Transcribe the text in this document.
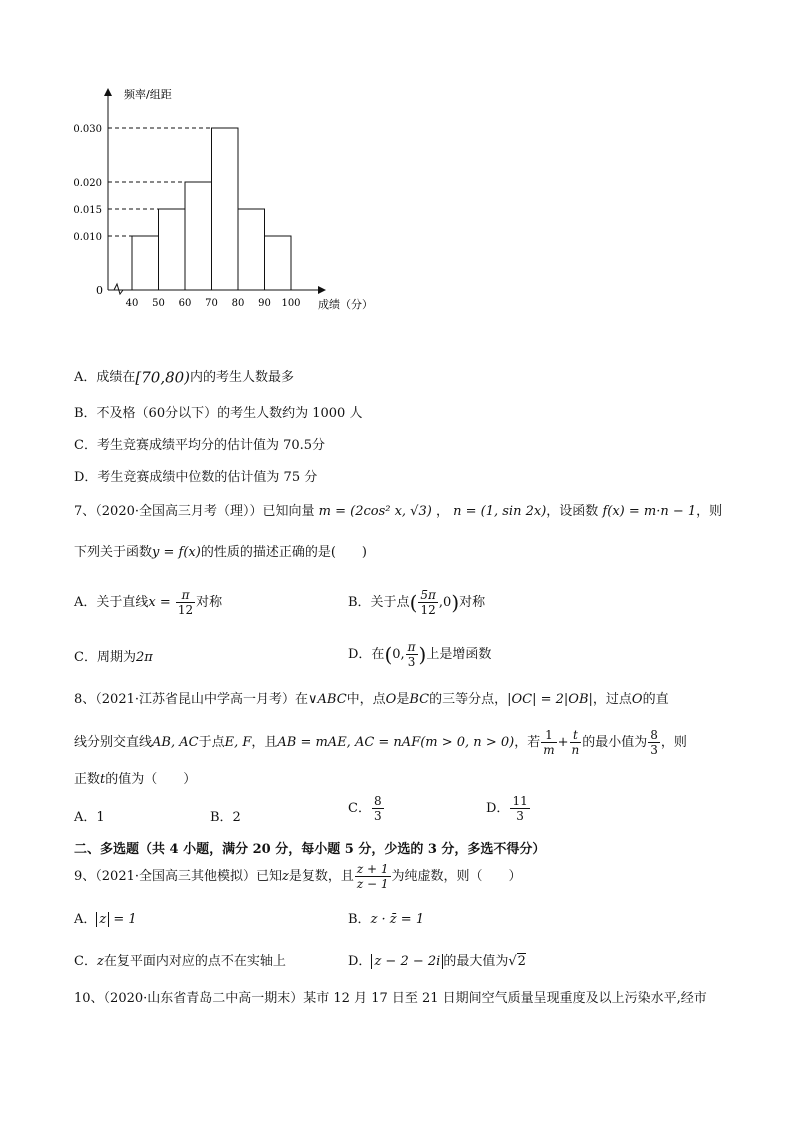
频率/组距
成绩（分）
0
0.030
0.020
0.015
0.010
40 50 60 70 80 90 100
A．成绩在[70,80)内的考生人数最多
B．不及格（60分以下）的考生人数约为 1000 人
C．考生竞赛成绩平均分的估计值为 70.5分
D．考生竞赛成绩中位数的估计值为 75 分
7、（2020·全国高三月考（理））已知向量 m = (2cos² x, √3) ， n = (1, sin 2x)，设函数 f(x) = m·n − 1，则
下列关于函数y = f(x)的性质的描述正确的是(　　)
A．关于直线$x = \frac{\pi}{12}$ 对称	B．关于点( $\frac{5\pi}{12} ,0$)对称
C．周期为2π	D．在(0, $\frac{\pi}{3}$ )上是增函数
8、（2021·江苏省昆山中学高一月考）在∨ABC中，点O是BC的三等分点，|OC| = 2|OB|，过点O的直
线分别交直线AB, AC于点E, F，且AB = mAE, AC = nAF(m > 0, n > 0)，若 $\frac{1}{m} + \frac{t}{n}$ 的最小值为 $\frac{8}{3}$ ，则
正数t的值为（　　）
A．1	B．2
C． $\frac{8}{3}$	D． $\frac{11}{3}$
二、多选题（共 4 小题，满分 20 分，每小题 5 分，少选的 3 分，多选不得分）
9、（2021·全国高三其他模拟）已知z是复数，且 $\frac{z + 1}{z - 1}$ 为纯虚数，则（　　）
A． z = 1	B．z · z̄ = 1
C．z在复平面内对应的点不在实轴上	D． z − 2 − 2i 的最大值为√2
10、（2020·山东省青岛二中高一期末）某市 12 月 17 日至 21 日期间空气质量呈现重度及以上污染水平,经市
